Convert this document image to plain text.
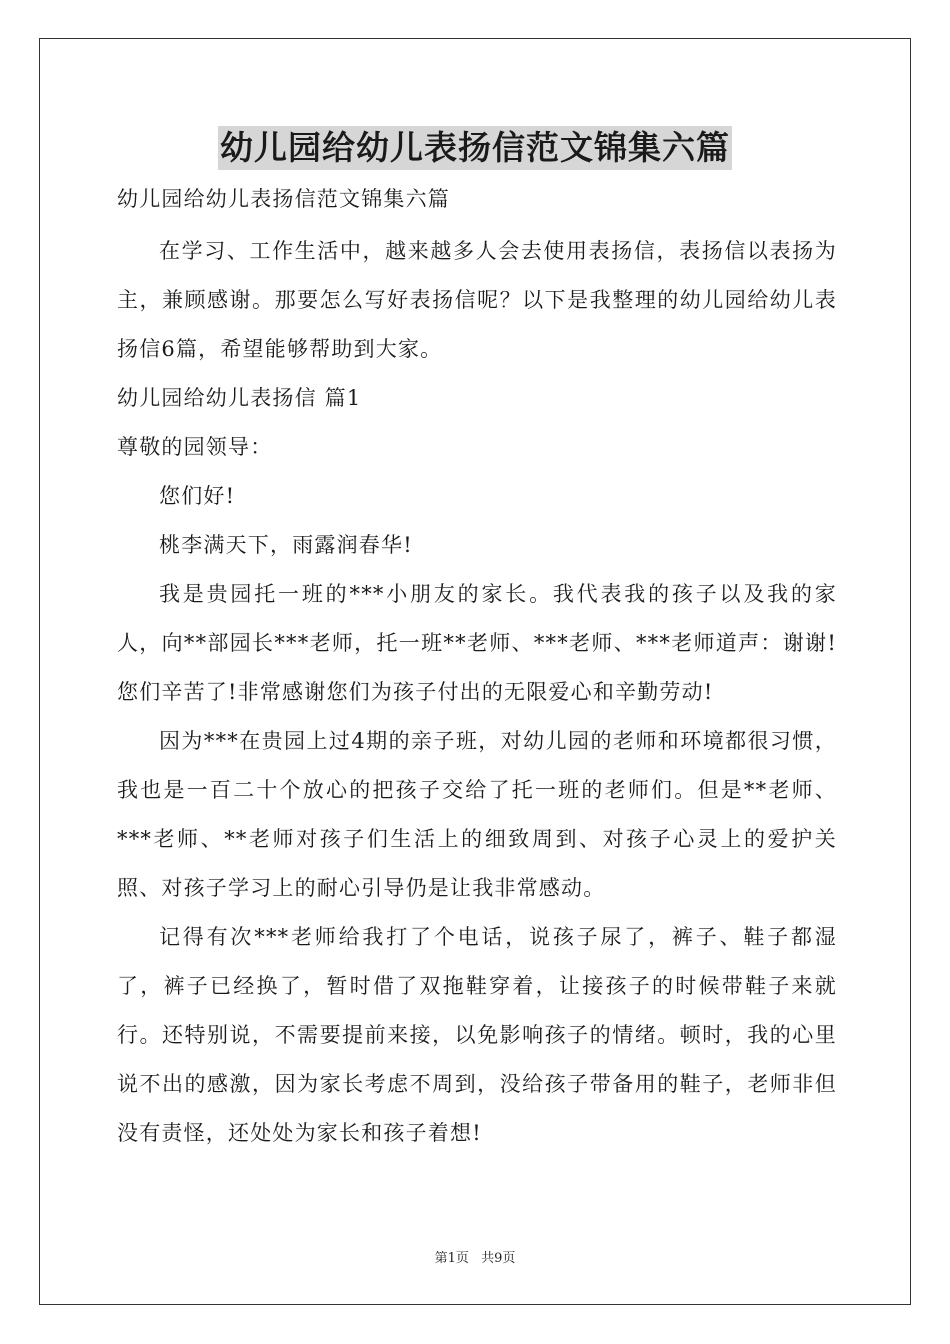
幼儿园给幼儿表扬信范文锦集六篇
幼儿园给幼儿表扬信范文锦集六篇

在学习、工作生活中，越来越多人会去使用表扬信，表扬信以表扬为主，兼顾感谢。那要怎么写好表扬信呢？以下是我整理的幼儿园给幼儿表扬信6篇，希望能够帮助到大家。

幼儿园给幼儿表扬信 篇1

尊敬的园领导：

您们好!

桃李满天下，雨露润春华!

我是贵园托一班的***小朋友的家长。我代表我的孩子以及我的家人，向**部园长***老师，托一班**老师、***老师、***老师道声：谢谢!您们辛苦了!非常感谢您们为孩子付出的无限爱心和辛勤劳动!

因为***在贵园上过4期的亲子班，对幼儿园的老师和环境都很习惯，我也是一百二十个放心的把孩子交给了托一班的老师们。但是**老师、***老师、**老师对孩子们生活上的细致周到、对孩子心灵上的爱护关照、对孩子学习上的耐心引导仍是让我非常感动。

记得有次***老师给我打了个电话，说孩子尿了，裤子、鞋子都湿了，裤子已经换了，暂时借了双拖鞋穿着，让接孩子的时候带鞋子来就行。还特别说，不需要提前来接，以免影响孩子的情绪。顿时，我的心里说不出的感激，因为家长考虑不周到，没给孩子带备用的鞋子，老师非但没有责怪，还处处为家长和孩子着想!

第1页 共9页
